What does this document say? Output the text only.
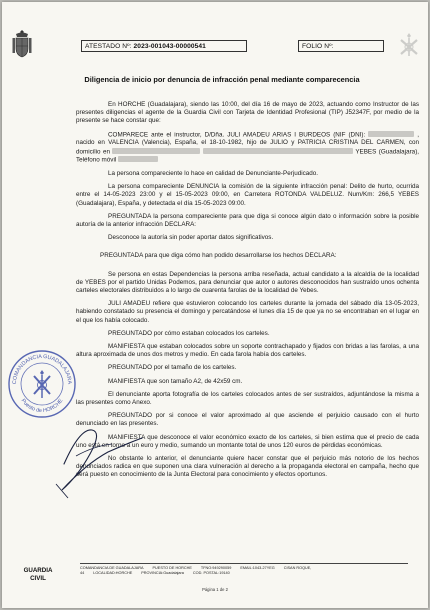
ATESTADO Nº: 2023-001043-00000541	FOLIO Nº:
Diligencia de inicio por denuncia de infracción penal mediante comparecencia

En HORCHE (Guadalajara), siendo las 10:00, del día 16 de mayo de 2023, actuando como Instructor de las presentes diligencias el agente de la Guardia Civil con Tarjeta de Identidad Profesional (TIP) J52347F, por medio de la presente se hace constar que:

COMPARECE ante el instructor, D/Dña. JULI AMADEU ARIAS I BURDEOS (NIF (DNI):	, nacido en VALENCIA (Valencia), España, el 18-10-1982, hijo de JULIO y PATRICIA CRISTINA DEL CARMEN, con domicilio en	YEBES (Guadalajara), Teléfono móvil

La persona compareciente lo hace en calidad de Denunciante-Perjudicado.

La persona compareciente DENUNCIA la comisión de la siguiente infracción penal: Delito de hurto, ocurrida entre el 14-05-2023 23:00 y el 15-05-2023 09:00, en Carretera ROTONDA VALDELUZ. Num/Km: 266,5 YEBES (Guadalajara), España, y detectada el día 15-05-2023 09:00.

PREGUNTADA la persona compareciente para que diga si conoce algún dato o información sobre la posible autoría de la anterior infracción DECLARA:

Desconoce la autoría sin poder aportar datos significativos.

PREGUNTADA para que diga cómo han podido desarrollarse los hechos DECLARA:

Se persona en estas Dependencias la persona arriba reseñada, actual candidato a la alcaldía de la localidad de YEBES por el partido Unidas Podemos, para denunciar que autor o autores desconocidos han sustraído unos ochenta carteles electorales distribuidos a lo largo de cuarenta farolas de la localidad de Yebes.

JULI AMADEU refiere que estuvieron colocando los carteles durante la jornada del sábado día 13-05-2023, habiendo constatado su presencia el domingo y percatándose el lunes día 15 de que ya no se encontraban en el lugar en el que los había colocado.

PREGUNTADO por cómo estaban colocados los carteles.

MANIFIESTA que estaban colocados sobre un soporte contrachapado y fijados con bridas a las farolas, a una altura aproximada de unos dos metros y medio. En cada farola había dos carteles.

PREGUNTADO por el tamaño de los carteles.

MANIFIESTA que son tamaño A2, de 42x59 cm.

El denunciante aporta fotografía de los carteles colocados antes de ser sustraídos, adjuntándose la misma a las presentes como Anexo.

PREGUNTADO por si conoce el valor aproximado al que asciende el perjuicio causado con el hurto denunciado en las presentes.

MANIFIESTA que desconoce el valor económico exacto de los carteles, si bien estima que el precio de cada uno está en torno a un euro y medio, sumando un montante total de unos 120 euros de pérdidas económicas.

No obstante lo anterior, el denunciante quiere hacer constar que el perjuicio más notorio de los hechos denunciados radica en que suponen una clara vulneración al derecho a la propaganda electoral en campaña, hecho que será puesto en conocimiento de la Junta Electoral para conocimiento y efectos oportunos.

COMANDANCIA GUADALAJARA
Puesto de HORCHE
GUARDIA
CIVIL
COMANDANCIA DE GUADALAJARA PUESTO DE HORCHE TFNO:949290059 EMAIL:1043-27YEG CISAN ROQUE,
44 LOCALIDAD:HORCHE PROVINCIA:Guadalajara COD. POSTAL:19140
Página 1 de 2
